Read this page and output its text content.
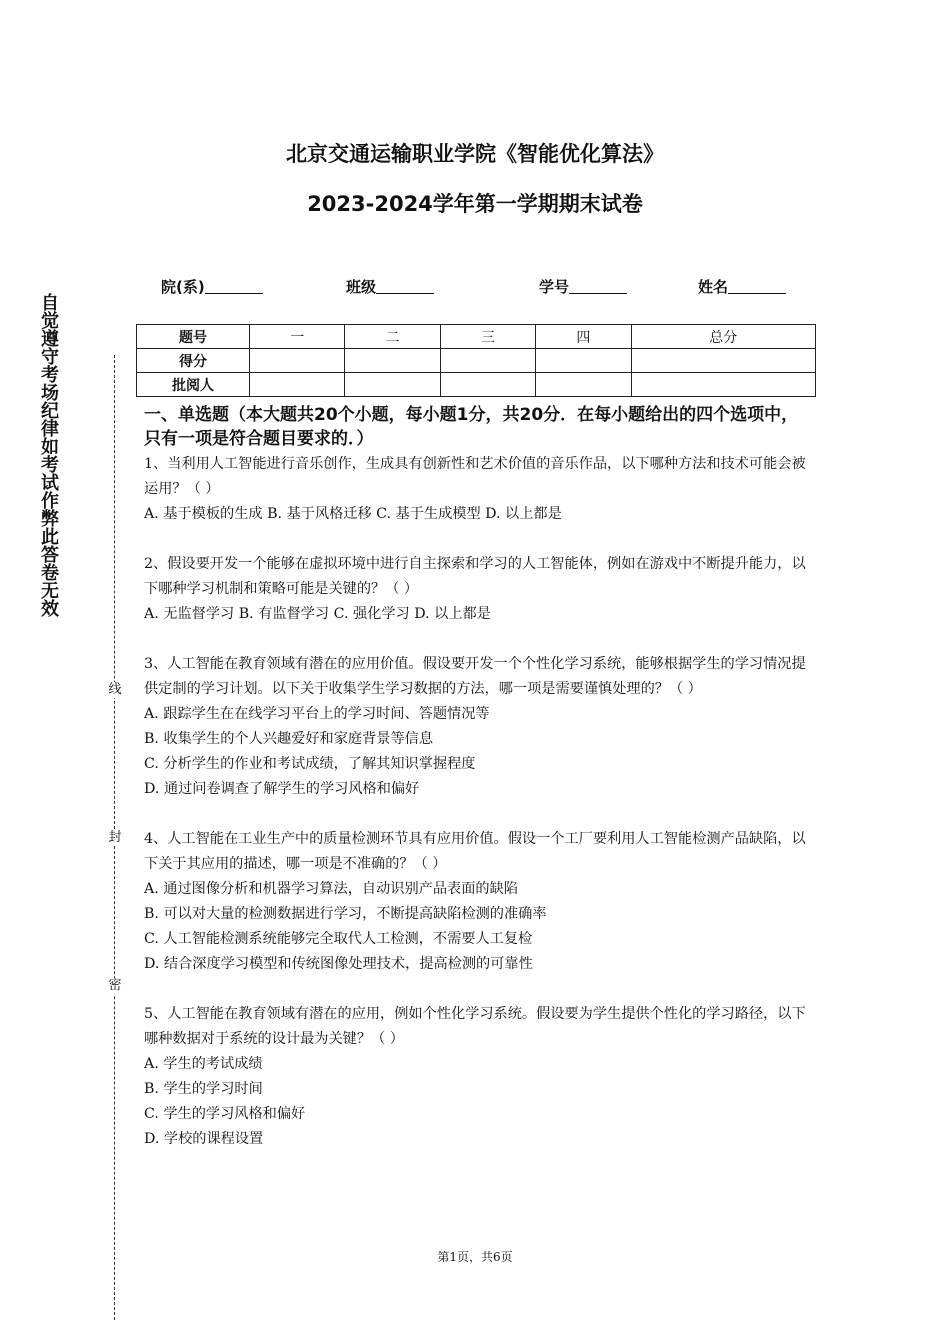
北京交通运输职业学院《智能优化算法》
2023-2024学年第一学期期末试卷
院(系)	班级	学号	姓名
题号	一	二	三	四	总分
得分					
批阅人					
自觉遵守考场纪律如考试作弊此答卷无效
线
封
密

一、单选题（本大题共20个小题，每小题1分，共20分．在每小题给出的四个选项中，只有一项是符合题目要求的．）

1、当利用人工智能进行音乐创作，生成具有创新性和艺术价值的音乐作品，以下哪种方法和技术可能会被运用？（ ）

A. 基于模板的生成 B. 基于风格迁移 C. 基于生成模型 D. 以上都是

2、假设要开发一个能够在虚拟环境中进行自主探索和学习的人工智能体，例如在游戏中不断提升能力，以下哪种学习机制和策略可能是关键的？（ ）

A. 无监督学习 B. 有监督学习 C. 强化学习 D. 以上都是

3、人工智能在教育领域有潜在的应用价值。假设要开发一个个性化学习系统，能够根据学生的学习情况提供定制的学习计划。以下关于收集学生学习数据的方法，哪一项是需要谨慎处理的？（ ）

A. 跟踪学生在在线学习平台上的学习时间、答题情况等

B. 收集学生的个人兴趣爱好和家庭背景等信息

C. 分析学生的作业和考试成绩，了解其知识掌握程度

D. 通过问卷调查了解学生的学习风格和偏好

4、人工智能在工业生产中的质量检测环节具有应用价值。假设一个工厂要利用人工智能检测产品缺陷，以下关于其应用的描述，哪一项是不准确的？（ ）

A. 通过图像分析和机器学习算法，自动识别产品表面的缺陷

B. 可以对大量的检测数据进行学习，不断提高缺陷检测的准确率

C. 人工智能检测系统能够完全取代人工检测，不需要人工复检

D. 结合深度学习模型和传统图像处理技术，提高检测的可靠性

5、人工智能在教育领域有潜在的应用，例如个性化学习系统。假设要为学生提供个性化的学习路径，以下哪种数据对于系统的设计最为关键？（ ）

A. 学生的考试成绩

B. 学生的学习时间

C. 学生的学习风格和偏好

D. 学校的课程设置

第1页，共6页
